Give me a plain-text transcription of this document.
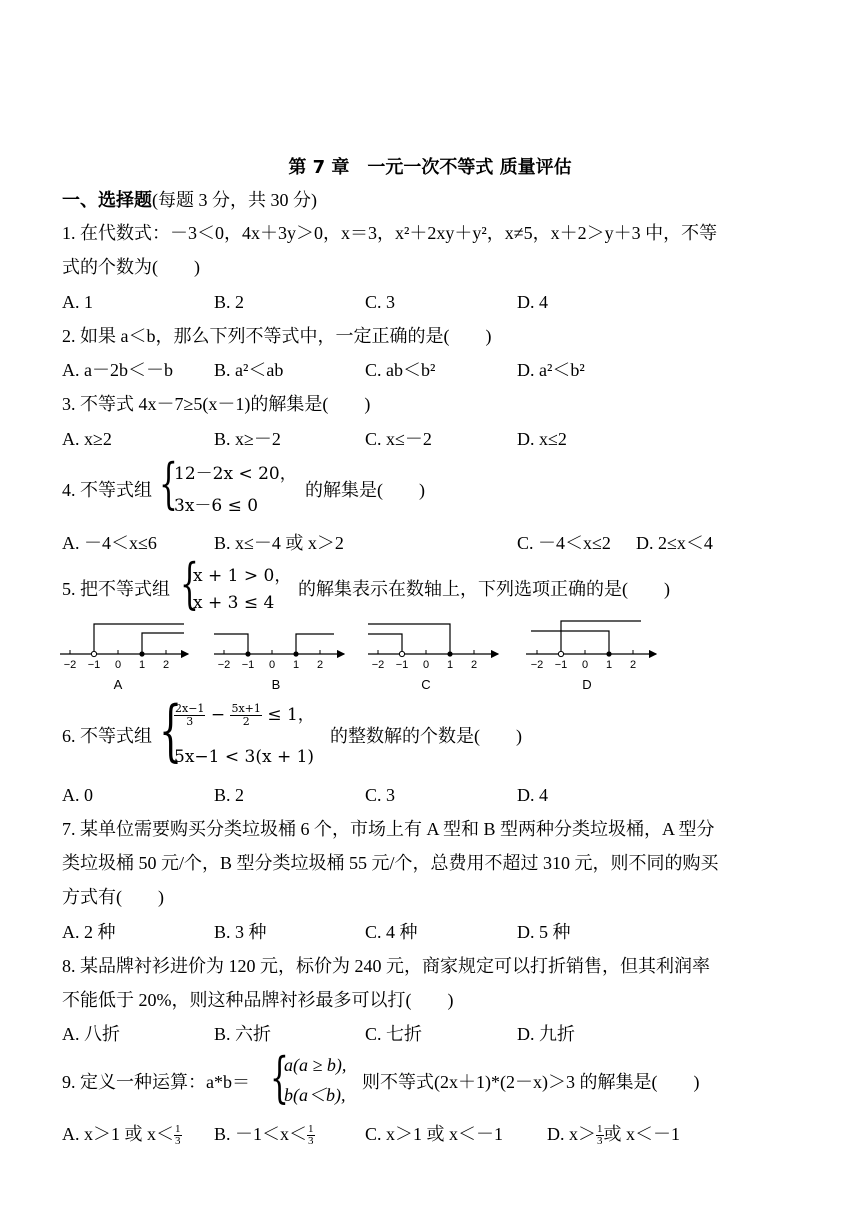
第 7 章　一元一次不等式 质量评估
一、选择题(每题 3 分，共 30 分)
1. 在代数式：－3＜0，4x＋3y＞0，x＝3，x²＋2xy＋y²，x≠5，x＋2＞y＋3 中，不等
式的个数为(　　)
A. 1	B. 2	C. 3	D. 4
2. 如果 a＜b，那么下列不等式中，一定正确的是(　　)
A. a－2b＜－b B. a²＜ab	C. ab＜b²	D. a²＜b²
3. 不等式 4x－7≥5(x－1)的解集是(　　)
A. x≥2	B. x≥－2	C. x≤－2	D. x≤2
4. 不等式组 {
12－2x < 20，
3x－6 ≤ 0
的解集是(　　)
A. －4＜x≤6	B. x≤－4 或 x＞2	C. －4＜x≤2 D. 2≤x＜4
5. 把不等式组 {
x + 1 > 0，
x + 3 ≤ 4
的解集表示在数轴上，下列选项正确的是(　　)
−2 −1 0 1 2
A
−2 −1 0 1 2
B
−2 −1 0 1 2
C
−2 −1 0 1 2
D
6. 不等式组 {
$\frac{2x-1}{3} - \frac{5x+1}{2} \le 1$，
5x−1 < 3(x + 1)
的整数解的个数是(　　)
A. 0	B. 2	C. 3	D. 4
7. 某单位需要购买分类垃圾桶 6 个，市场上有 A 型和 B 型两种分类垃圾桶，A 型分
类垃圾桶 50 元/个，B 型分类垃圾桶 55 元/个，总费用不超过 310 元，则不同的购买
方式有(　　)
A. 2 种	B. 3 种	C. 4 种	D. 5 种
8. 某品牌衬衫进价为 120 元，标价为 240 元，商家规定可以打折销售，但其利润率
不能低于 20%，则这种品牌衬衫最多可以打(　　)
A. 八折	B. 六折	C. 七折	D. 九折
9. 定义一种运算：a*b＝ {
a(a ≥ b),
b(a＜b),
则不等式(2x＋1)*(2－x)＞3 的解集是(　　)
A. x＞1 或 $x< \frac{1}{3} B$. $-1<x< \frac{1}{3}$	C. x＞1 或 x＜－1 D. $x> \frac{1}{3}$或 x＜－1
